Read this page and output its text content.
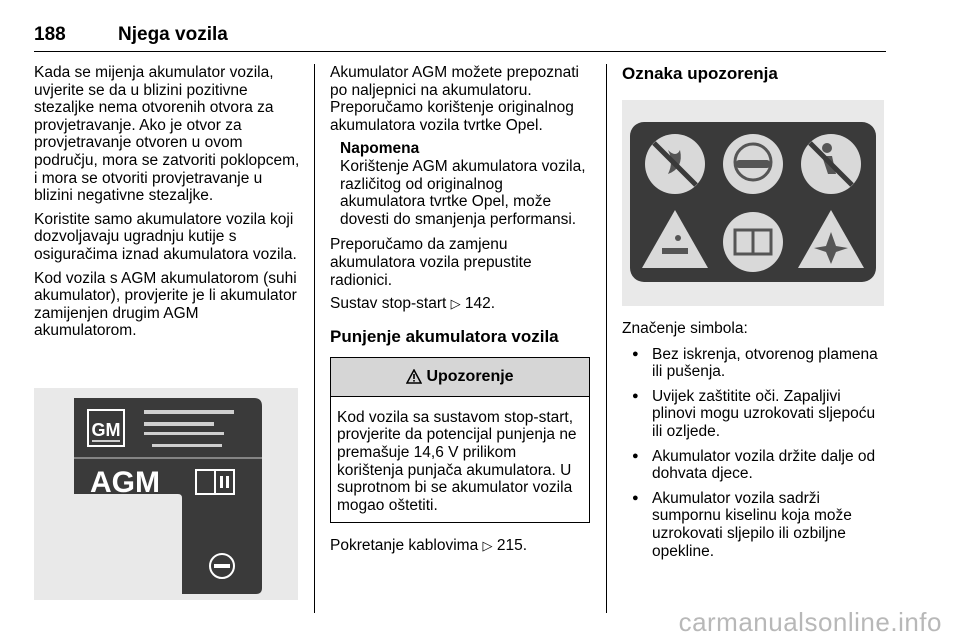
188	Njega vozila

Kada se mijenja akumulator vozila, uvjerite se da u blizini pozitivne stezaljke nema otvorenih otvora za provjetravanje. Ako je otvor za provjetravanje otvoren u ovom području, mora se zatvoriti poklopcem, i mora se otvoriti provjetravanje u blizini negativne stezaljke.

Koristite samo akumulatore vozila koji dozvoljavaju ugradnju kutije s osiguračima iznad akumulatora vozila.

Kod vozila s AGM akumulatorom (suhi akumulator), provjerite je li akumulator zamijenjen drugim AGM akumulatorom.

GM
AGM

Akumulator AGM možete prepoznati po naljepnici na akumulatoru. Preporučamo korištenje originalnog akumulatora vozila tvrtke Opel.

Napomena

Korištenje AGM akumulatora vozila, različitog od originalnog akumulatora tvrtke Opel, može dovesti do smanjenja performansi.

Preporučamo da zamjenu akumulatora vozila prepustite radionici.

Sustav stop-start ▷ 142.

Punjenje akumulatora vozila
Upozorenje
Kod vozila sa sustavom stop-start, provjerite da potencijal punjenja ne premašuje 14,6 V prilikom korištenja punjača akumulatora. U suprotnom bi se akumulator vozila mogao oštetiti.

Pokretanje kablovima ▷ 215.

Oznaka upozorenja

Značenje simbola:

● Bez iskrenja, otvorenog plamena ili pušenja.
● Uvijek zaštitite oči. Zapaljivi plinovi mogu uzrokovati sljepoću ili ozljede.
● Akumulator vozila držite dalje od dohvata djece.
● Akumulator vozila sadrži sumpornu kiselinu koja može uzrokovati sljepilo ili ozbiljne opekline.
carmanualsonline.info
